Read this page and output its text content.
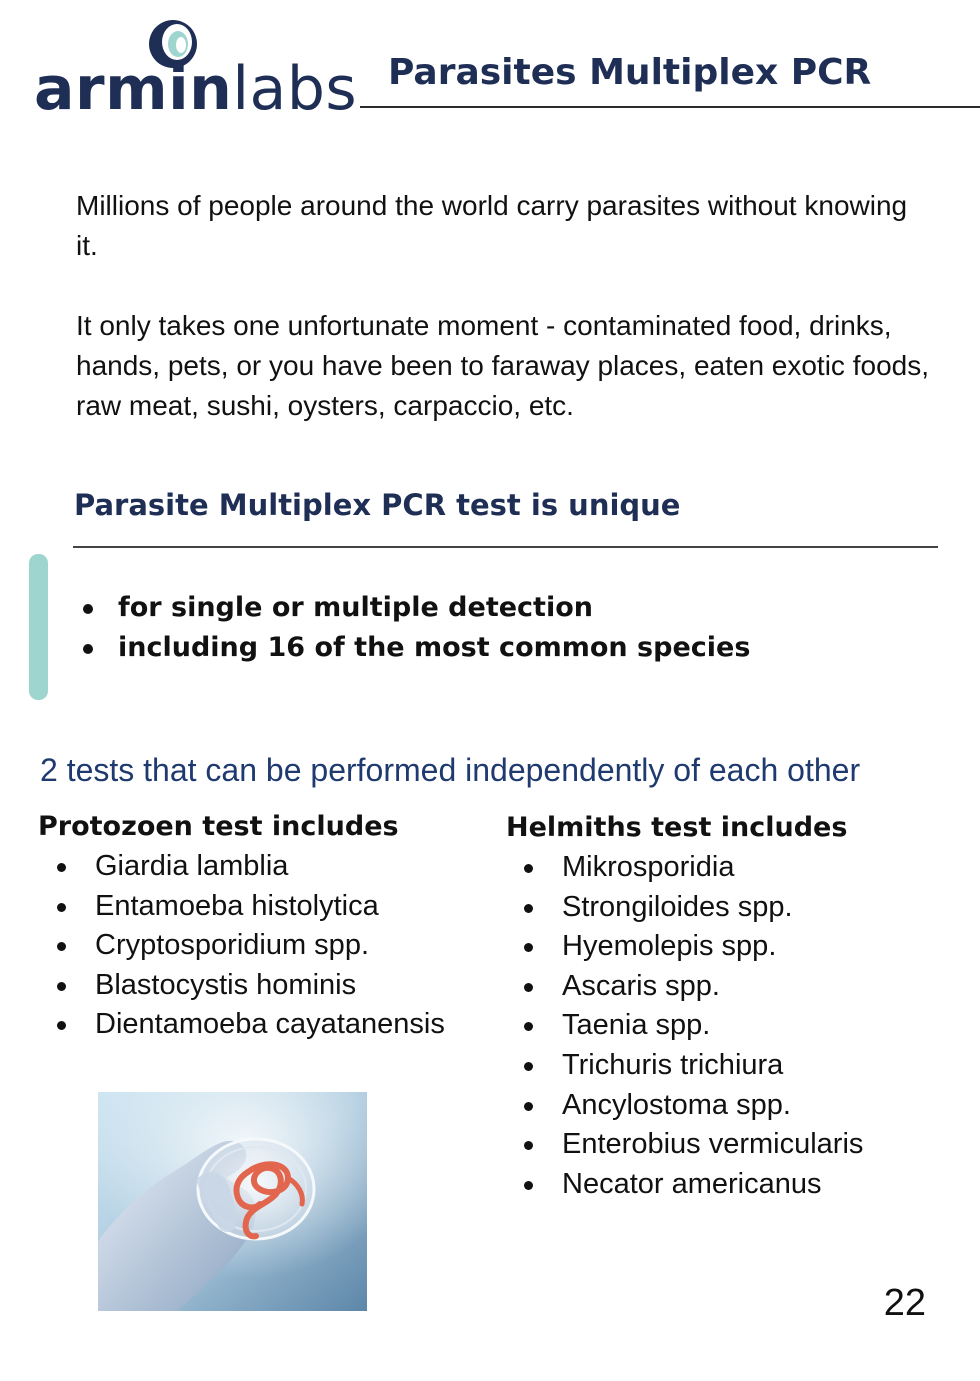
arminlabs Parasites Multiplex PCR

Millions of people around the world carry parasites without knowing it.

It only takes one unfortunate moment - contaminated food, drinks, hands, pets, or you have been to faraway places, eaten exotic foods, raw meat, sushi, oysters, carpaccio, etc.

Parasite Multiplex PCR test is unique
for single or multiple detection
including 16 of the most common species
2 tests that can be performed independently of each other
Protozoen test includes
Giardia lamblia
Entamoeba histolytica
Cryptosporidium spp.
Blastocystis hominis
Dientamoeba cayatanensis
Helmiths test includes
Mikrosporidia
Strongiloides spp.
Hyemolepis spp.
Ascaris spp.
Taenia spp.
Trichuris trichiura
Ancylostoma spp.
Enterobius vermicularis
Necator americanus
22
